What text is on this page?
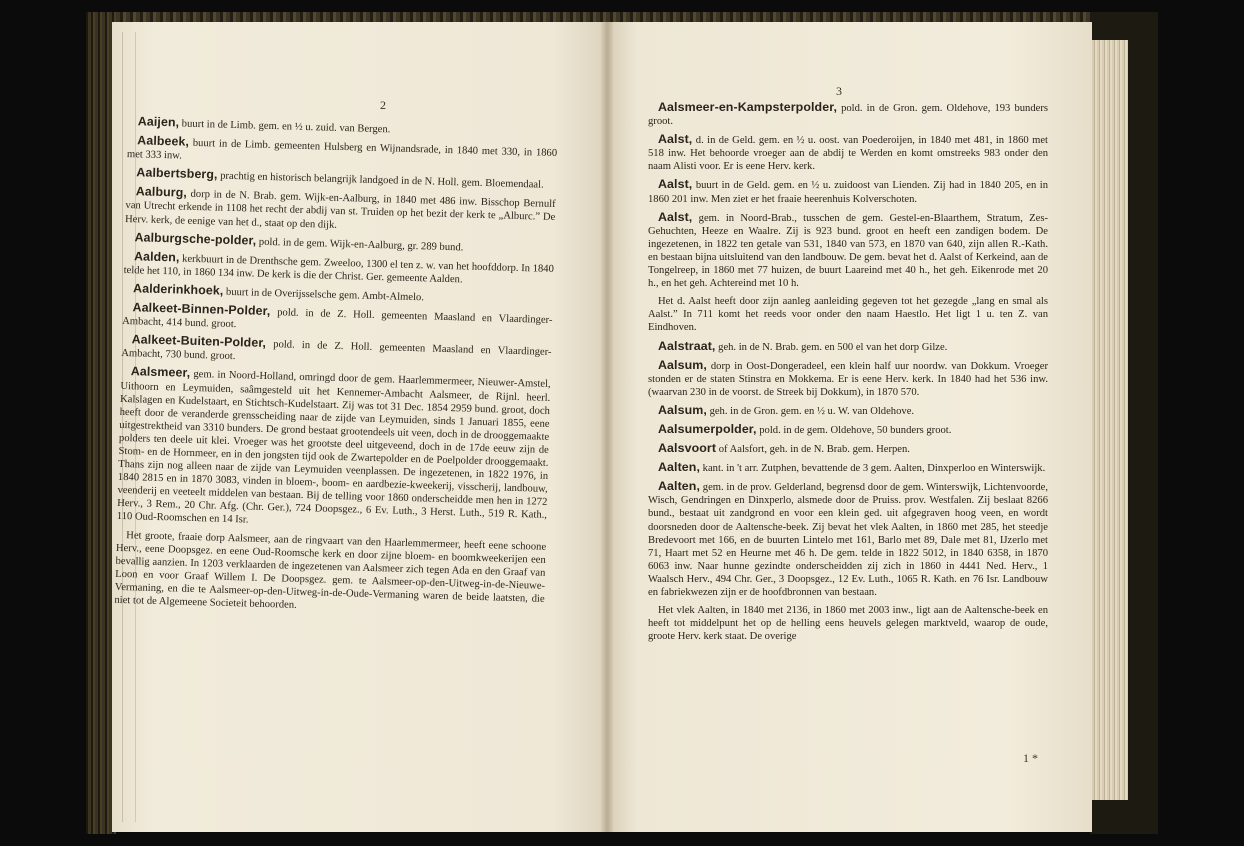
2
3

Aaijen, buurt in de Limb. gem. en ½ u. zuid. van Bergen.

Aalbeek, buurt in de Limb. gemeenten Hulsberg en Wijnandsrade, in 1840 met 330, in 1860 met 333 inw.

Aalbertsberg, prachtig en historisch belangrijk landgoed in de N. Holl. gem. Bloemendaal.

Aalburg, dorp in de N. Brab. gem. Wijk-en-Aalburg, in 1840 met 486 inw. Bisschop Bernulf van Utrecht erkende in 1108 het recht der abdij van st. Truiden op het bezit der kerk te „Alburc.” De Herv. kerk, de eenige van het d., staat op den dijk.

Aalburgsche-polder, pold. in de gem. Wijk-en-Aalburg, gr. 289 bund.

Aalden, kerkbuurt in de Drenthsche gem. Zweeloo, 1300 el ten z. w. van het hoofddorp. In 1840 telde het 110, in 1860 134 inw. De kerk is die der Christ. Ger. gemeente Aalden.

Aalderinkhoek, buurt in de Overijsselsche gem. Ambt-Almelo.

Aalkeet-Binnen-Polder, pold. in de Z. Holl. gemeenten Maasland en Vlaardinger-Ambacht, 414 bund. groot.

Aalkeet-Buiten-Polder, pold. in de Z. Holl. gemeenten Maasland en Vlaardinger-Ambacht, 730 bund. groot.

Aalsmeer, gem. in Noord-Holland, omringd door de gem. Haarlemmermeer, Nieuwer-Amstel, Uithoorn en Leymuiden, saâmgesteld uit het Kennemer-Ambacht Aalsmeer, de Rijnl. heerl. Kalslagen en Kudelstaart, en Stichtsch-Kudelstaart. Zij was tot 31 Dec. 1854 2959 bund. groot, doch heeft door de veranderde grensscheiding naar de zijde van Leymuiden, sinds 1 Januari 1855, eene uitgestrektheid van 3310 bunders. De grond bestaat grootendeels uit veen, doch in de drooggemaakte polders ten deele uit klei. Vroeger was het grootste deel uitgeveend, doch in de 17de eeuw zijn de Stom- en de Hornmeer, en in den jongsten tijd ook de Zwartepolder en de Poelpolder drooggemaakt. Thans zijn nog alleen naar de zijde van Leymuiden veenplassen. De ingezetenen, in 1822 1976, in 1840 2815 en in 1870 3083, vinden in bloem-, boom- en aardbezie-kweekerij, visscherij, landbouw, veenderij en veeteelt middelen van bestaan. Bij de telling voor 1860 onderscheidde men hen in 1272 Herv., 3 Rem., 20 Chr. Afg. (Chr. Ger.), 724 Doopsgez., 6 Ev. Luth., 3 Herst. Luth., 519 R. Kath., 110 Oud-Roomschen en 14 Isr.

Het groote, fraaie dorp Aalsmeer, aan de ringvaart van den Haarlemmermeer, heeft eene schoone Herv., eene Doopsgez. en eene Oud-Roomsche kerk en door zijne bloem- en boomkweekerijen een bevallig aanzien. In 1203 verklaarden de ingezetenen van Aalsmeer zich tegen Ada en den Graaf van Loon en voor Graaf Willem I. De Doopsgez. gem. te Aalsmeer-op-den-Uitweg-in-de-Nieuwe-Vermaning, en die te Aalsmeer-op-den-Uitweg-in-de-Oude-Vermaning waren de beide laatsten, die niet tot de Algemeene Societeit behoorden.

Aalsmeer-en-Kampsterpolder, pold. in de Gron. gem. Oldehove, 193 bunders groot.

Aalst, d. in de Geld. gem. en ½ u. oost. van Poederoijen, in 1840 met 481, in 1860 met 518 inw. Het behoorde vroeger aan de abdij te Werden en komt omstreeks 983 onder den naam Alisti voor. Er is eene Herv. kerk.

Aalst, buurt in de Geld. gem. en ½ u. zuidoost van Lienden. Zij had in 1840 205, en in 1860 201 inw. Men ziet er het fraaie heerenhuis Kolverschoten.

Aalst, gem. in Noord-Brab., tusschen de gem. Gestel-en-Blaarthem, Stratum, Zes-Gehuchten, Heeze en Waalre. Zij is 923 bund. groot en heeft een zandigen bodem. De ingezetenen, in 1822 ten getale van 531, 1840 van 573, en 1870 van 640, zijn allen R.-Kath. en bestaan bijna uitsluitend van den landbouw. De gem. bevat het d. Aalst of Kerkeind, aan de Tongelreep, in 1860 met 77 huizen, de buurt Laareind met 40 h., het geh. Eikenrode met 20 h., en het geh. Achtereind met 10 h.

Het d. Aalst heeft door zijn aanleg aanleiding gegeven tot het gezegde „lang en smal als Aalst.” In 711 komt het reeds voor onder den naam Haestlo. Het ligt 1 u. ten Z. van Eindhoven.

Aalstraat, geh. in de N. Brab. gem. en 500 el van het dorp Gilze.

Aalsum, dorp in Oost-Dongeradeel, een klein half uur noordw. van Dokkum. Vroeger stonden er de staten Stinstra en Mokkema. Er is eene Herv. kerk. In 1840 had het 536 inw. (waarvan 230 in de voorst. de Streek bij Dokkum), in 1870 570.

Aalsum, geh. in de Gron. gem. en ½ u. W. van Oldehove.

Aalsumerpolder, pold. in de gem. Oldehove, 50 bunders groot.

Aalsvoort of Aalsfort, geh. in de N. Brab. gem. Herpen.

Aalten, kant. in 't arr. Zutphen, bevattende de 3 gem. Aalten, Dinxperloo en Winterswijk.

Aalten, gem. in de prov. Gelderland, begrensd door de gem. Winterswijk, Lichtenvoorde, Wisch, Gendringen en Dinxperlo, alsmede door de Pruiss. prov. Westfalen. Zij beslaat 8266 bund., bestaat uit zandgrond en voor een klein ged. uit afgegraven hoog veen, en wordt doorsneden door de Aaltensche-beek. Zij bevat het vlek Aalten, in 1860 met 285, het steedje Bredevoort met 166, en de buurten Lintelo met 161, Barlo met 89, Dale met 81, IJzerlo met 71, Haart met 52 en Heurne met 46 h. De gem. telde in 1822 5012, in 1840 6358, in 1870 6063 inw. Naar hunne gezindte onderscheidden zij zich in 1860 in 4441 Ned. Herv., 1 Waalsch Herv., 494 Chr. Ger., 3 Doopsgez., 12 Ev. Luth., 1065 R. Kath. en 76 Isr. Landbouw en fabriekwezen zijn er de hoofdbronnen van bestaan.

Het vlek Aalten, in 1840 met 2136, in 1860 met 2003 inw., ligt aan de Aaltensche-beek en heeft tot middelpunt het op de helling eens heuvels gelegen marktveld, waarop de oude, groote Herv. kerk staat. De overige

1 *
